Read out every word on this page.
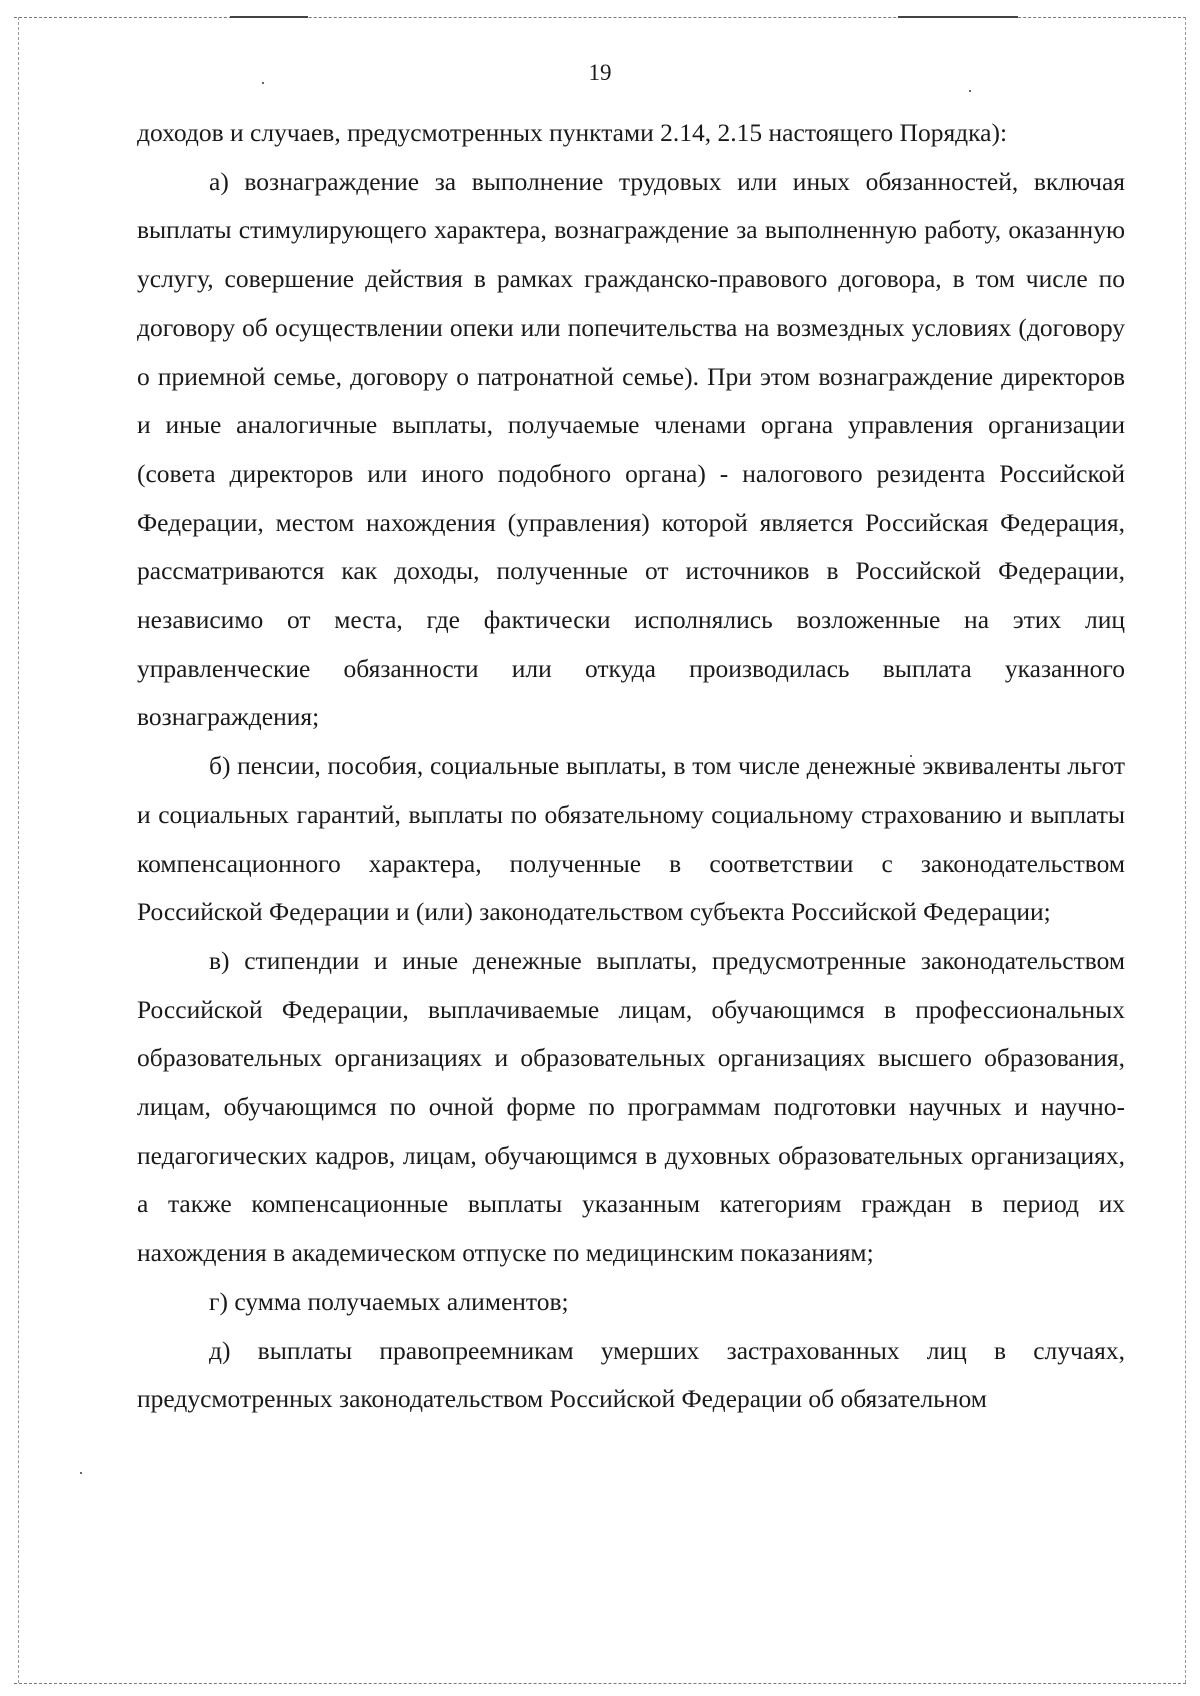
19

доходов и случаев, предусмотренных пунктами 2.14, 2.15 настоящего Порядка):

а) вознаграждение за выполнение трудовых или иных обязанностей, включая выплаты стимулирующего характера, вознаграждение за выполненную работу, оказанную услугу, совершение действия в рамках гражданско-правового договора, в том числе по договору об осуществлении опеки или попечительства на возмездных условиях (договору о приемной семье, договору о патронатной семье). При этом вознаграждение директоров и иные аналогичные выплаты, получаемые членами органа управления организации (совета директоров или иного подобного органа) - налогового резидента Российской Федерации, местом нахождения (управления) которой является Российская Федерация, рассматриваются как доходы, полученные от источников в Российской Федерации, независимо от места, где фактически исполнялись возложенные на этих лиц управленческие обязанности или откуда производилась выплата указанного вознаграждения;

б) пенсии, пособия, социальные выплаты, в том числе денежные эквиваленты льгот и социальных гарантий, выплаты по обязательному социальному страхованию и выплаты компенсационного характера, полученные в соответствии с законодательством Российской Федерации и (или) законодательством субъекта Российской Федерации;

в) стипендии и иные денежные выплаты, предусмотренные законодательством Российской Федерации, выплачиваемые лицам, обучающимся в профессиональных образовательных организациях и образовательных организациях высшего образования, лицам, обучающимся по очной форме по программам подготовки научных и научно-педагогических кадров, лицам, обучающимся в духовных образовательных организациях, а также компенсационные выплаты указанным категориям граждан в период их нахождения в академическом отпуске по медицинским показаниям;

г) сумма получаемых алиментов;

д) выплаты правопреемникам умерших застрахованных лиц в случаях, предусмотренных законодательством Российской Федерации об обязательном
